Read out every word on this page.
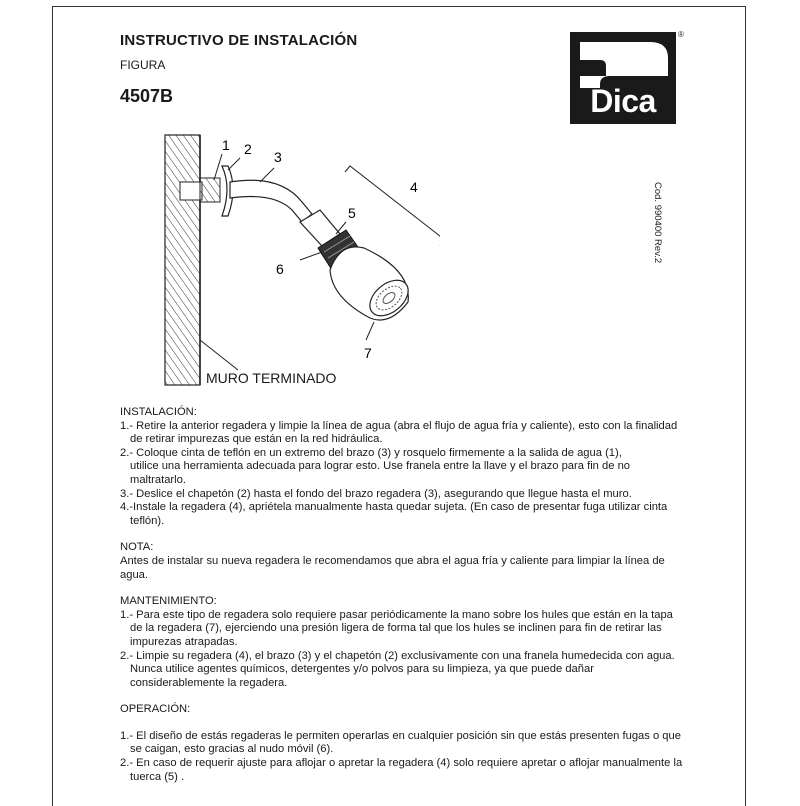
INSTRUCTIVO DE INSTALACIÓN
FIGURA
4507B	Dica
®
Cod. 990400 Rev.2
1 2 3
4
5
6
7
MURO TERMINADO
INSTALACIÓN:
1.- Retire la anterior regadera y limpie la línea de agua (abra el flujo de agua fría y caliente), esto con la finalidad
de retirar impurezas que están en la red hidráulica.
2.- Coloque cinta de teflón en un extremo del brazo (3) y rosquelo firmemente a la salida de agua (1),
utilice una herramienta adecuada para lograr esto. Use franela entre la llave y el brazo para fin de no
maltratarlo.
3.- Deslice el chapetón (2) hasta el fondo del brazo regadera (3), asegurando que llegue hasta el muro.
4.-Instale la regadera (4), apriétela manualmente hasta quedar sujeta. (En caso de presentar fuga utilizar cinta
teflón).
NOTA:
Antes de instalar su nueva regadera le recomendamos que abra el agua fría y caliente para limpiar la línea de
agua.
MANTENIMIENTO:
1.- Para este tipo de regadera solo requiere pasar periódicamente la mano sobre los hules que están en la tapa
de la regadera (7), ejerciendo una presión ligera de forma tal que los hules se inclinen para fin de retirar las
impurezas atrapadas.
2.- Limpie su regadera (4), el brazo (3) y el chapetón (2) exclusivamente con una franela humedecida con agua.
Nunca utilice agentes químicos, detergentes y/o polvos para su limpieza, ya que puede dañar
considerablemente la regadera.
OPERACIÓN:
1.- El diseño de estás regaderas le permiten operarlas en cualquier posición sin que estás presenten fugas o que
se caigan, esto gracias al nudo móvil (6).
2.- En caso de requerir ajuste para aflojar o apretar la regadera (4) solo requiere apretar o aflojar manualmente la
tuerca (5) .
